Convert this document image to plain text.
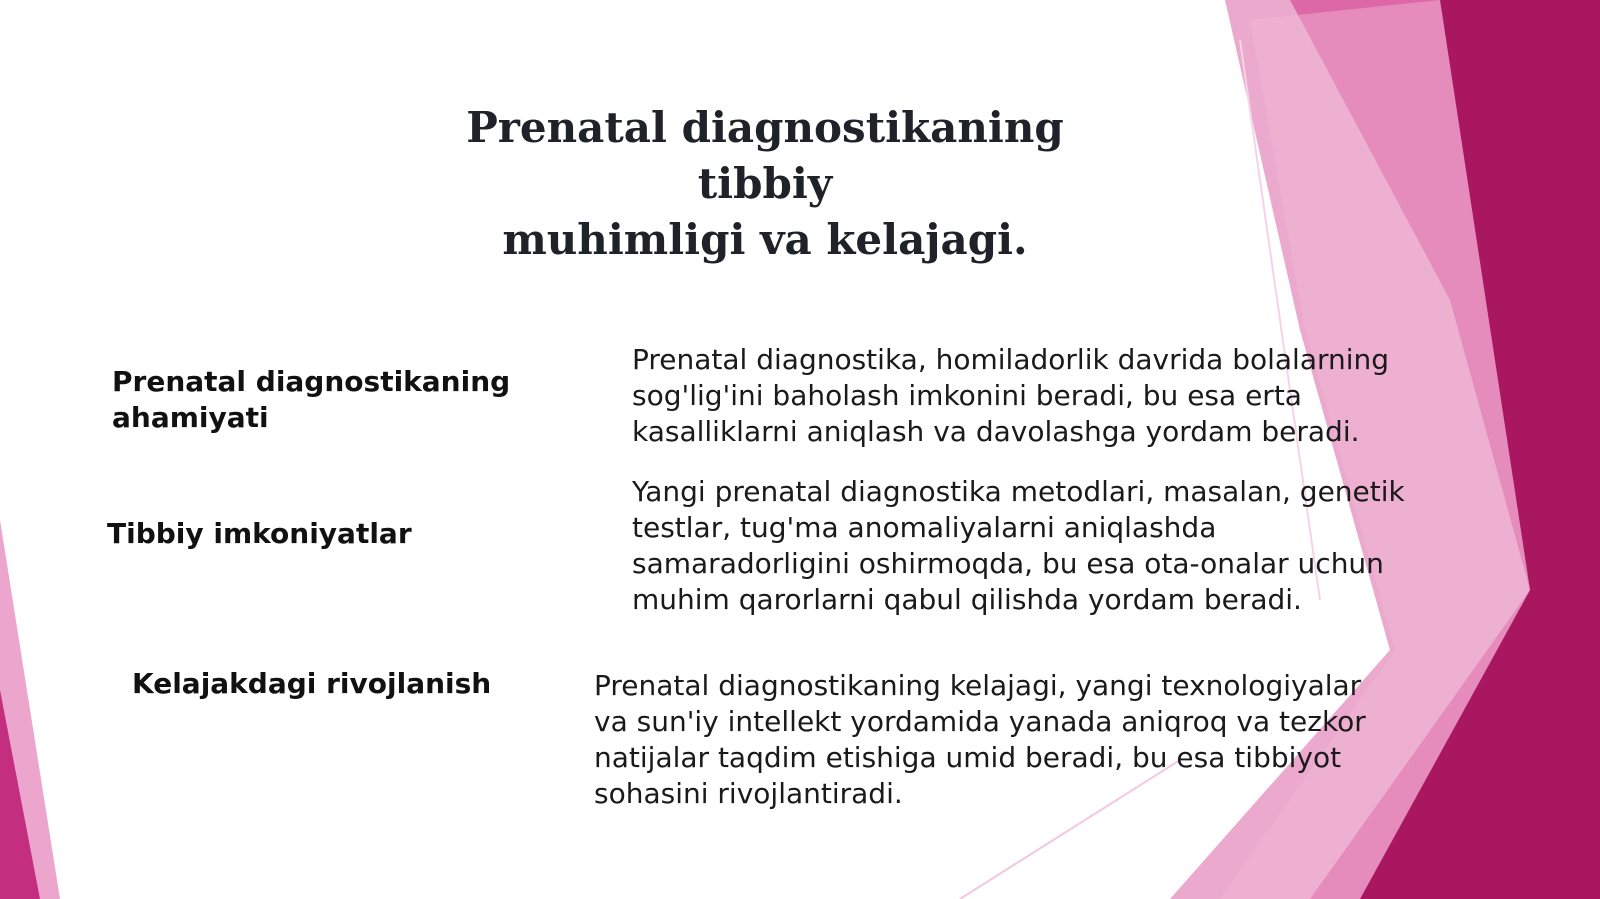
Prenatal diagnostikaning tibbiy
muhimligi va kelajagi.
Prenatal diagnostikaning
ahamiyati
Prenatal diagnostika, homiladorlik davrida bolalarning
sog'lig'ini baholash imkonini beradi, bu esa erta
kasalliklarni aniqlash va davolashga yordam beradi.
Tibbiy imkoniyatlar
Yangi prenatal diagnostika metodlari, masalan, genetik
testlar, tug'ma anomaliyalarni aniqlashda
samaradorligini oshirmoqda, bu esa ota-onalar uchun
muhim qarorlarni qabul qilishda yordam beradi.
Kelajakdagi rivojlanish	Prenatal diagnostikaning kelajagi, yangi texnologiyalar
va sun'iy intellekt yordamida yanada aniqroq va tezkor
natijalar taqdim etishiga umid beradi, bu esa tibbiyot
sohasini rivojlantiradi.
